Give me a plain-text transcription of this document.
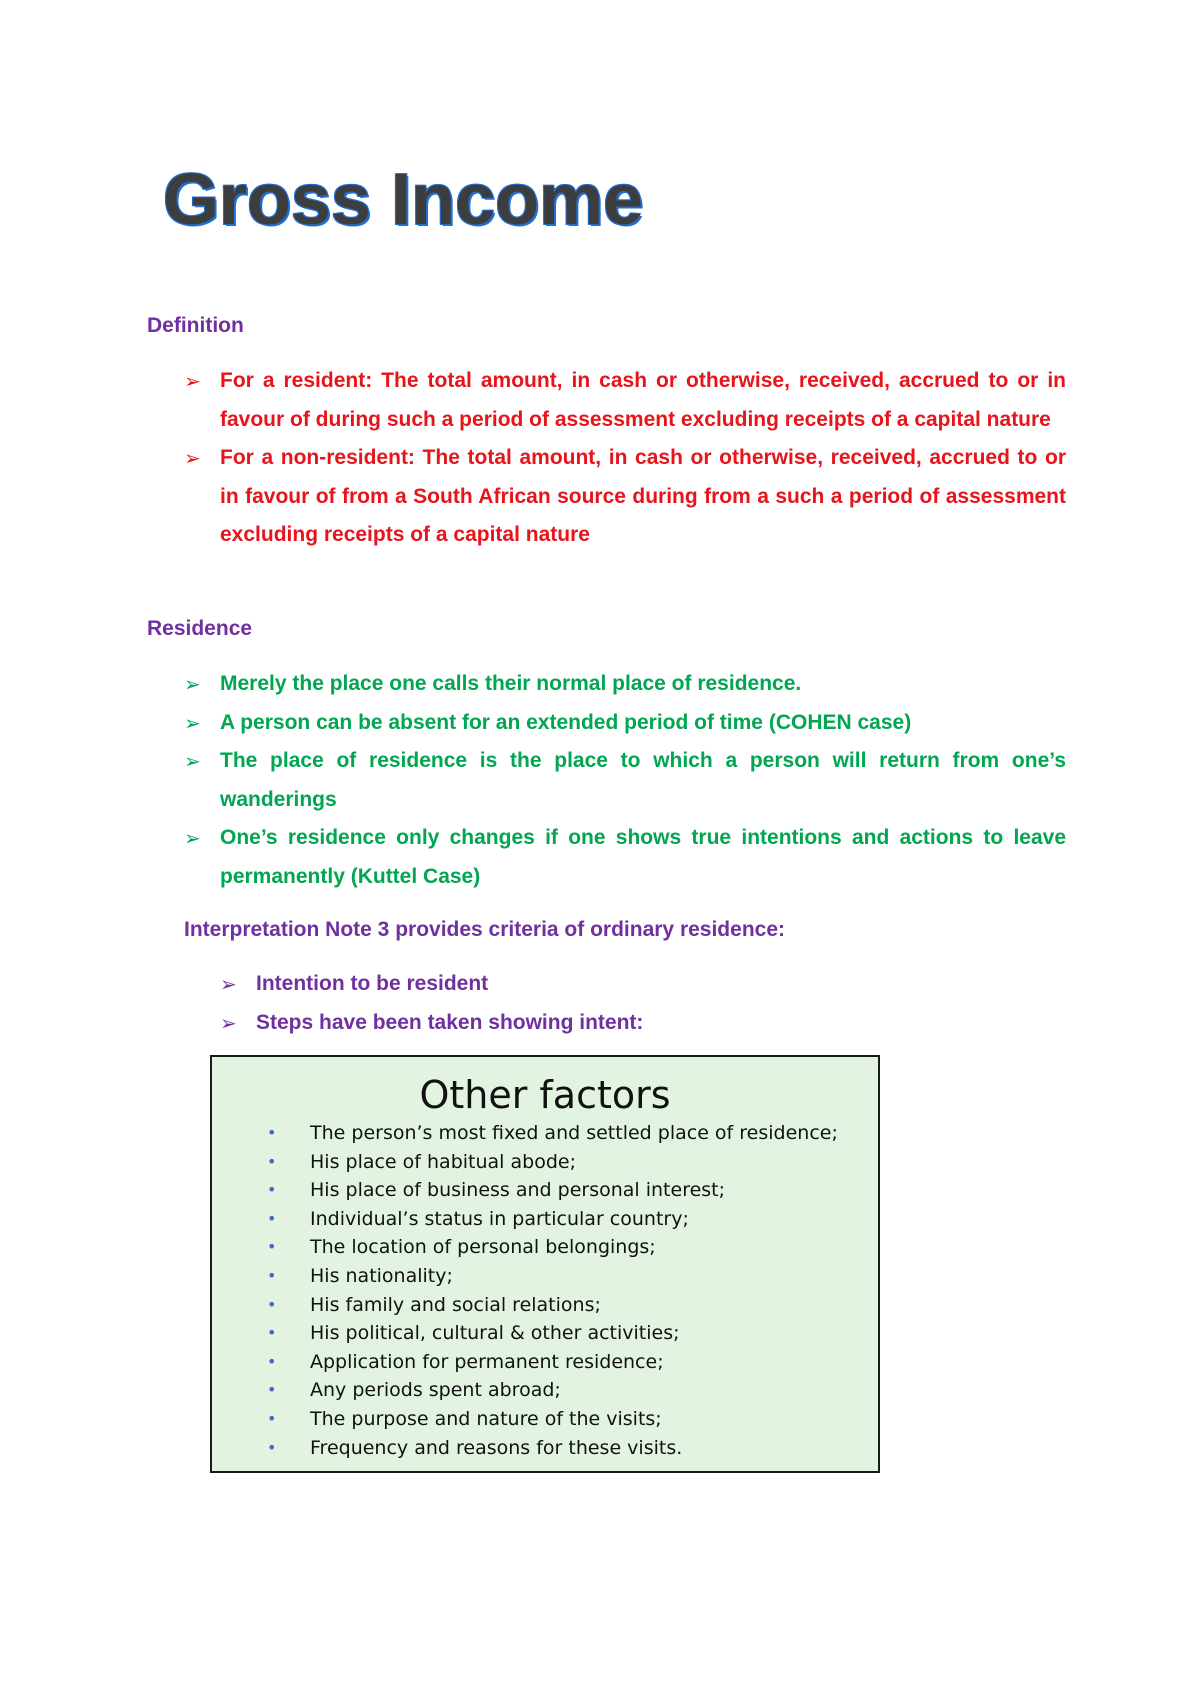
Gross Income
Definition
➢ For a resident: The total amount, in cash or otherwise, received, accrued to or in favour of during such a period of assessment excluding receipts of a capital nature
➢ For a non-resident: The total amount, in cash or otherwise, received, accrued to or in favour of from a South African source during from a such a period of assessment excluding receipts of a capital nature
Residence
➢ Merely the place one calls their normal place of residence.
➢ A person can be absent for an extended period of time (COHEN case)
➢ The place of residence is the place to which a person will return from one’s wanderings
➢ One’s residence only changes if one shows true intentions and actions to leave permanently (Kuttel Case)
Interpretation Note 3 provides criteria of ordinary residence:
➢ Intention to be resident
➢ Steps have been taken showing intent:
Other factors
• The person’s most fixed and settled place of residence;
• His place of habitual abode;
• His place of business and personal interest;
• Individual’s status in particular country;
• The location of personal belongings;
• His nationality;
• His family and social relations;
• His political, cultural & other activities;
• Application for permanent residence;
• Any periods spent abroad;
• The purpose and nature of the visits;
• Frequency and reasons for these visits.
